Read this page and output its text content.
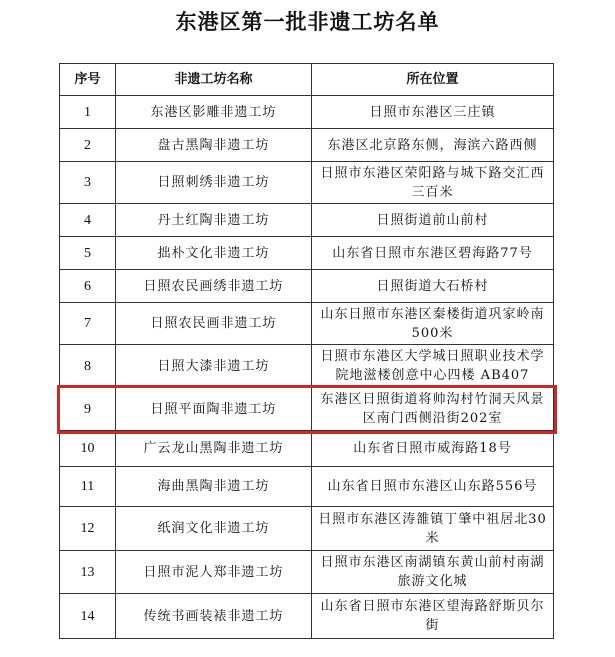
东港区第一批非遗工坊名单
序号	非遗工坊名称	所在位置
1	东港区影雕非遗工坊	日照市东港区三庄镇
2	盘古黑陶非遗工坊	东港区北京路东侧，海滨六路西侧
3	日照刺绣非遗工坊	日照市东港区荣阳路与城下路交汇西三百米
4	丹土红陶非遗工坊	日照街道前山前村
5	拙朴文化非遗工坊	山东省日照市东港区碧海路77号
6	日照农民画绣非遗工坊	日照街道大石桥村
7	日照农民画非遗工坊	山东日照市东港区秦楼街道巩家岭南500米
8	日照大漆非遗工坊	日照市东港区大学城日照职业技术学院地滋楼创意中心四楼 AB407
9	日照平面陶非遗工坊	东港区日照街道将帅沟村竹洞天风景区南门西侧沿街202室
10	广云龙山黑陶非遗工坊	山东省日照市威海路18号
11	海曲黑陶非遗工坊	山东省日照市东港区山东路556号
12	纸润文化非遗工坊	日照市东港区涛雒镇丁肇中祖居北30米
13	日照市泥人郑非遗工坊	日照市东港区南湖镇东黄山前村南湖旅游文化城
14	传统书画装裱非遗工坊	山东省日照市东港区望海路舒斯贝尔街
